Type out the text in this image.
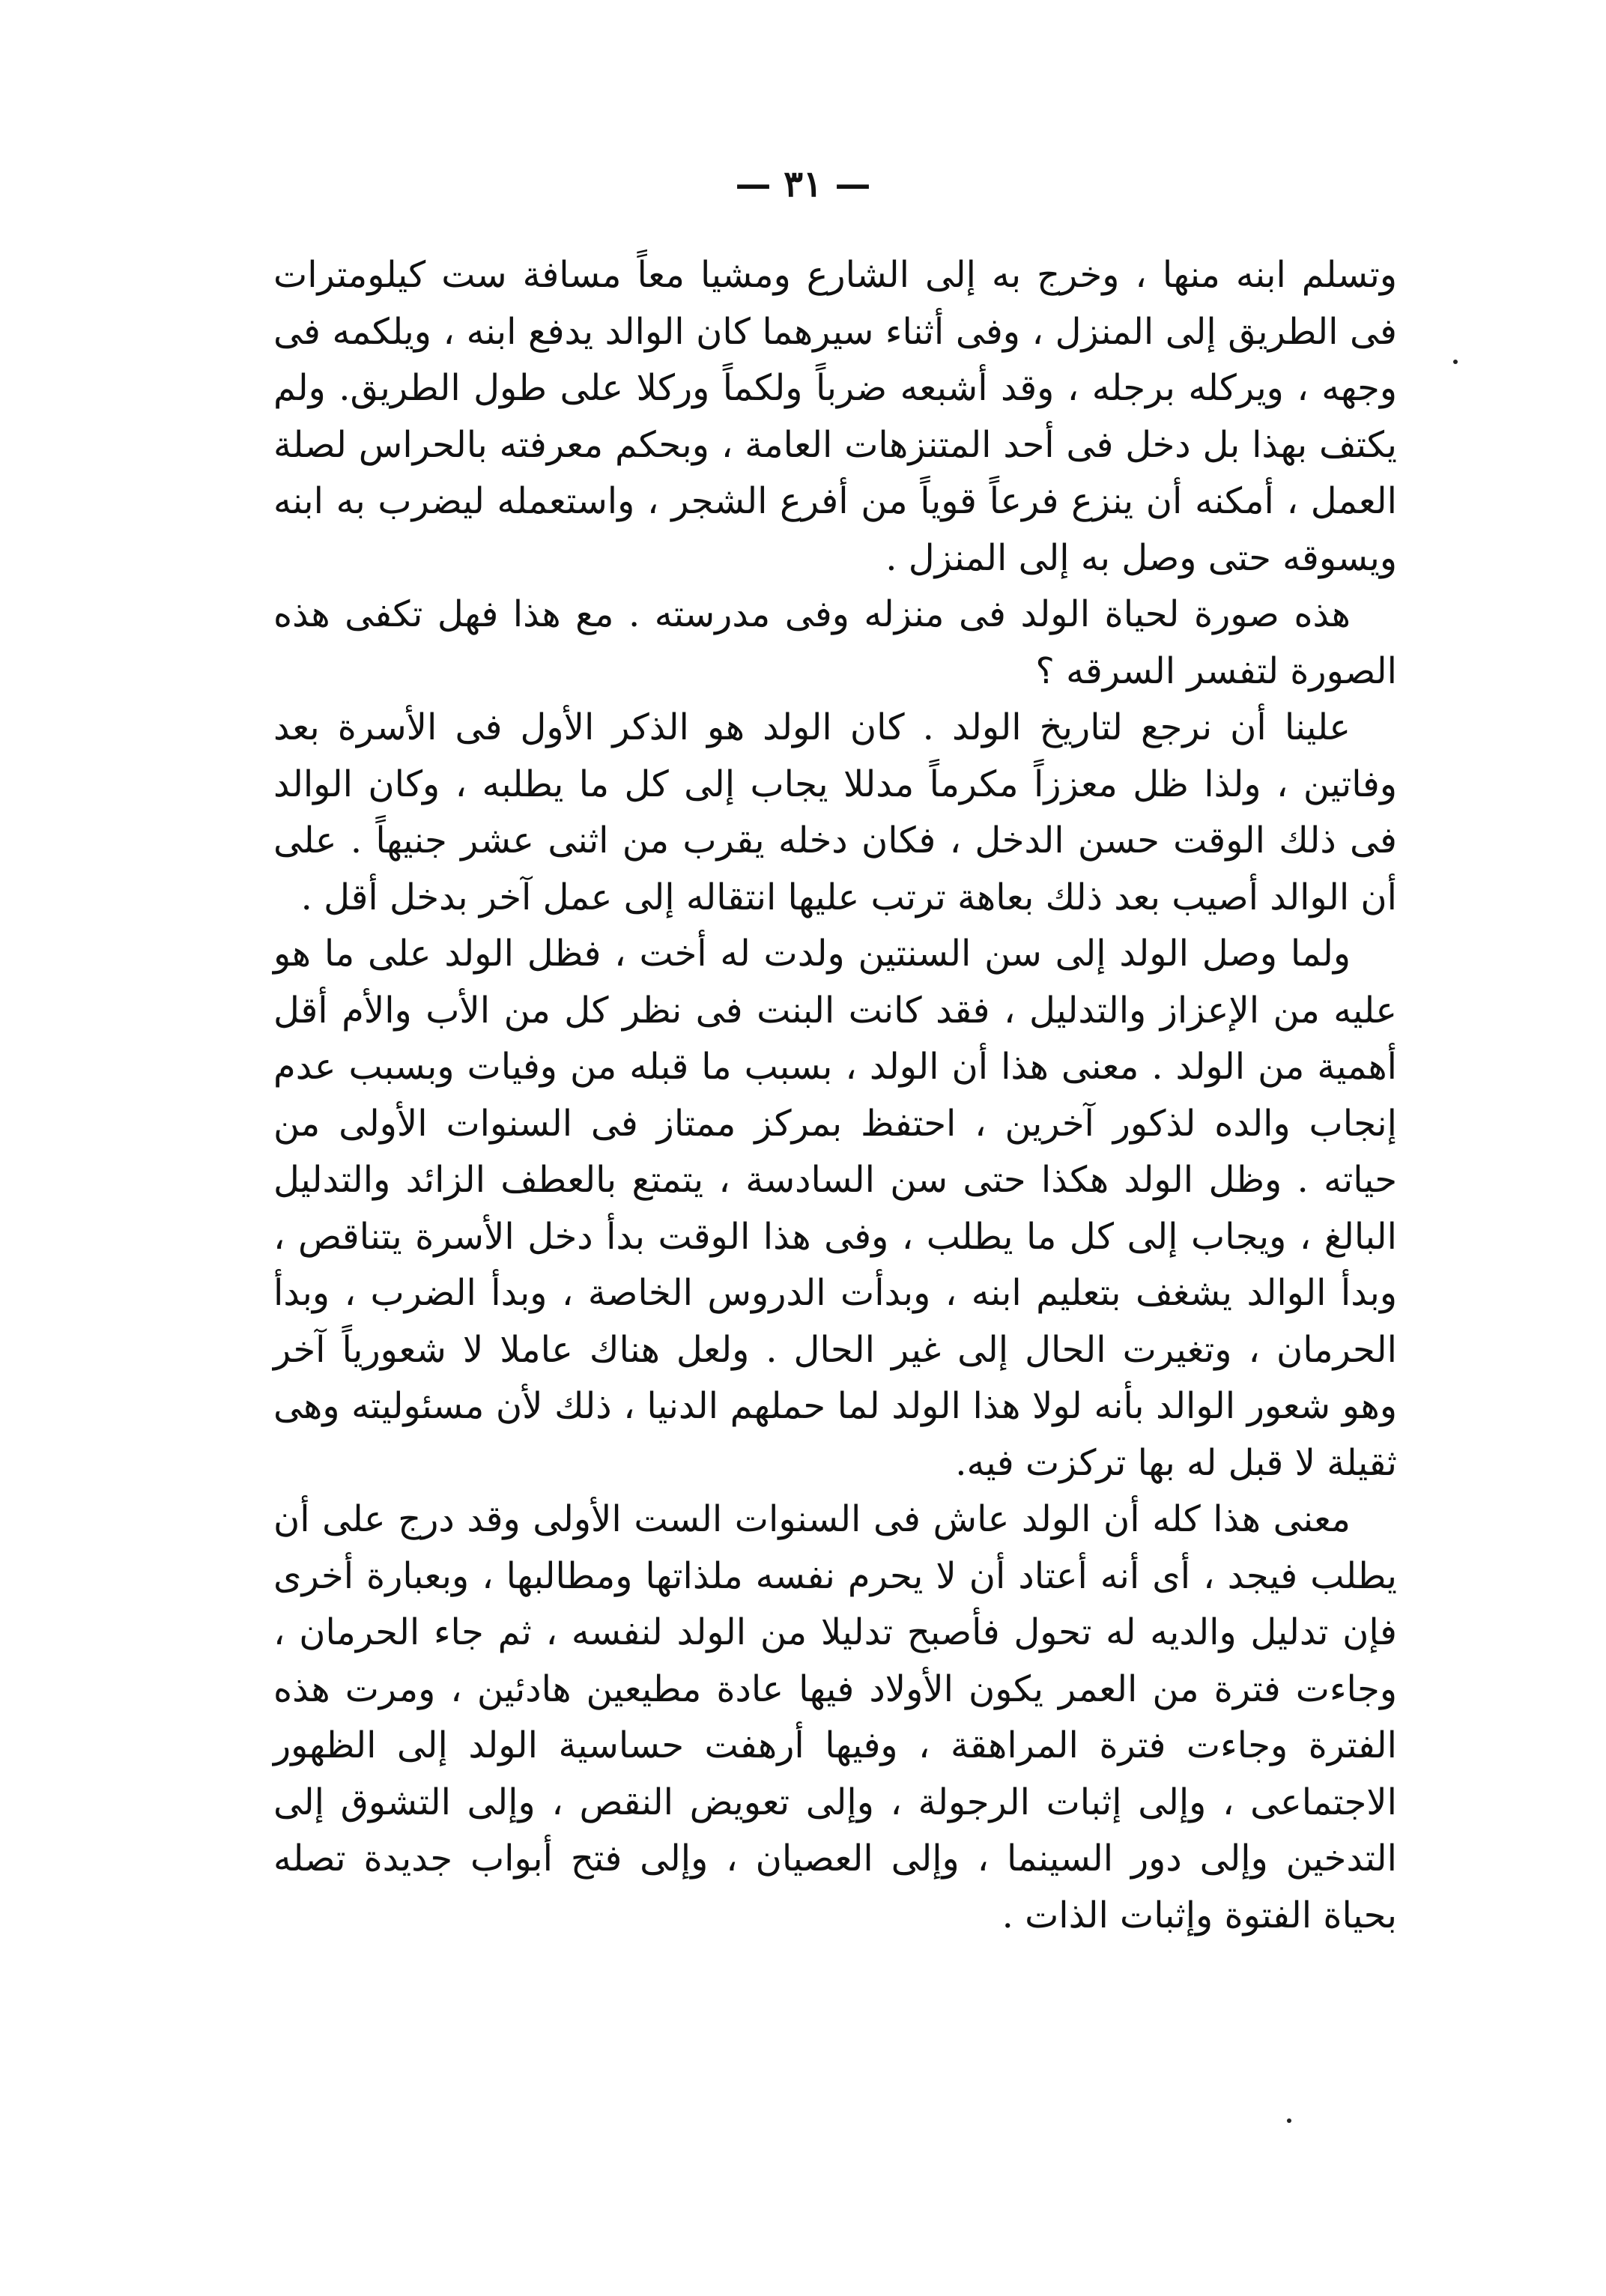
— ٣١ —

وتسلم ابنه منها ، وخرج به إلى الشارع ومشيا معاً مسافة ست كيلومترات فى الطريق إلى المنزل ، وفى أثناء سيرهما كان الوالد يدفع ابنه ، ويلكمه فى وجهه ، ويركله برجله ، وقد أشبعه ضرباً ولكماً وركلا على طول الطريق. ولم يكتف بهذا بل دخل فى أحد المتنزهات العامة ، وبحكم معرفته بالحراس لصلة العمل ، أمكنه أن ينزع فرعاً قوياً من أفرع الشجر ، واستعمله ليضرب به ابنه ويسوقه حتى وصل به إلى المنزل .

هذه صورة لحياة الولد فى منزله وفى مدرسته . مع هذا فهل تكفى هذه الصورة لتفسر السرقه ؟

علينا أن نرجع لتاريخ الولد . كان الولد هو الذكر الأول فى الأسرة بعد وفاتين ، ولذا ظل معززاً مكرماً مدللا يجاب إلى كل ما يطلبه ، وكان الوالد فى ذلك الوقت حسن الدخل ، فكان دخله يقرب من اثنى عشر جنيهاً . على أن الوالد أصيب بعد ذلك بعاهة ترتب عليها انتقاله إلى عمل آخر بدخل أقل .

ولما وصل الولد إلى سن السنتين ولدت له أخت ، فظل الولد على ما هو عليه من الإعزاز والتدليل ، فقد كانت البنت فى نظر كل من الأب والأم أقل أهمية من الولد . معنى هذا أن الولد ، بسبب ما قبله من وفيات وبسبب عدم إنجاب والده لذكور آخرين ، احتفظ بمركز ممتاز فى السنوات الأولى من حياته . وظل الولد هكذا حتى سن السادسة ، يتمتع بالعطف الزائد والتدليل البالغ ، ويجاب إلى كل ما يطلب ، وفى هذا الوقت بدأ دخل الأسرة يتناقص ، وبدأ الوالد يشغف بتعليم ابنه ، وبدأت الدروس الخاصة ، وبدأ الضرب ، وبدأ الحرمان ، وتغيرت الحال إلى غير الحال . ولعل هناك عاملا لا شعورياً آخر وهو شعور الوالد بأنه لولا هذا الولد لما حملهم الدنيا ، ذلك لأن مسئوليته وهى ثقيلة لا قبل له بها تركزت فيه.

معنى هذا كله أن الولد عاش فى السنوات الست الأولى وقد درج على أن يطلب فيجد ، أى أنه أعتاد أن لا يحرم نفسه ملذاتها ومطالبها ، وبعبارة أخرى فإن تدليل والديه له تحول فأصبح تدليلا من الولد لنفسه ، ثم جاء الحرمان ، وجاءت فترة من العمر يكون الأولاد فيها عادة مطيعين هادئين ، ومرت هذه الفترة وجاءت فترة المراهقة ، وفيها أرهفت حساسية الولد إلى الظهور الاجتماعى ، وإلى إثبات الرجولة ، وإلى تعويض النقص ، وإلى التشوق إلى التدخين وإلى دور السينما ، وإلى العصيان ، وإلى فتح أبواب جديدة تصله بحياة الفتوة وإثبات الذات .
